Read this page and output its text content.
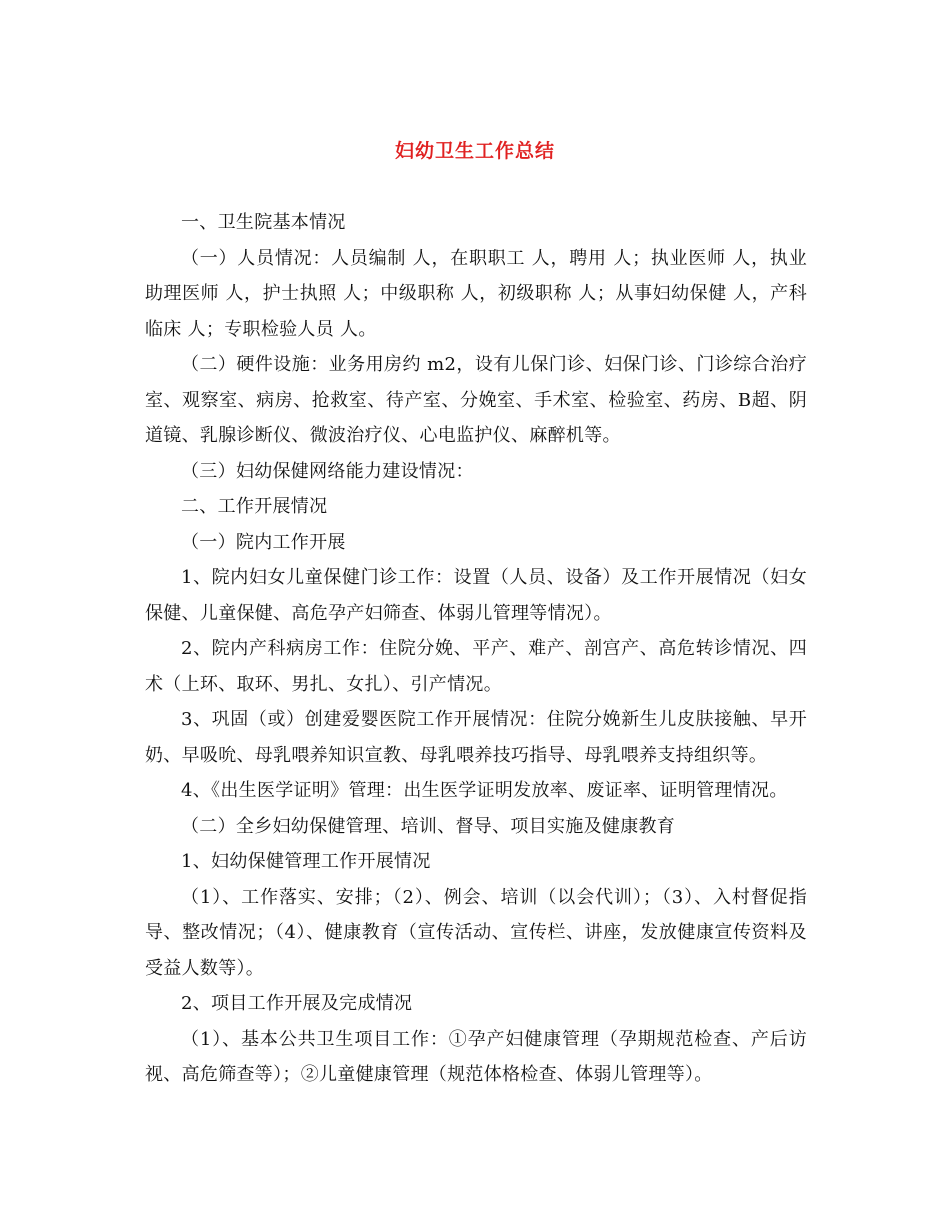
妇幼卫生工作总结

一、卫生院基本情况

（一）人员情况：人员编制 人，在职职工 人，聘用 人；执业医师 人，执业助理医师 人，护士执照 人；中级职称 人，初级职称 人；从事妇幼保健 人，产科临床 人；专职检验人员 人。

（二）硬件设施：业务用房约 m2，设有儿保门诊、妇保门诊、门诊综合治疗室、观察室、病房、抢救室、待产室、分娩室、手术室、检验室、药房、B超、阴道镜、乳腺诊断仪、微波治疗仪、心电监护仪、麻醉机等。

（三）妇幼保健网络能力建设情况：

二、工作开展情况

（一）院内工作开展

1、院内妇女儿童保健门诊工作：设置（人员、设备）及工作开展情况（妇女保健、儿童保健、高危孕产妇筛查、体弱儿管理等情况）。

2、院内产科病房工作：住院分娩、平产、难产、剖宫产、高危转诊情况、四术（上环、取环、男扎、女扎）、引产情况。

3、巩固（或）创建爱婴医院工作开展情况：住院分娩新生儿皮肤接触、早开奶、早吸吮、母乳喂养知识宣教、母乳喂养技巧指导、母乳喂养支持组织等。

4、《出生医学证明》管理：出生医学证明发放率、废证率、证明管理情况。

（二）全乡妇幼保健管理、培训、督导、项目实施及健康教育

1、妇幼保健管理工作开展情况

（1）、工作落实、安排；（2）、例会、培训（以会代训）；（3）、入村督促指导、整改情况；（4）、健康教育（宣传活动、宣传栏、讲座，发放健康宣传资料及受益人数等）。

2、项目工作开展及完成情况

（1）、基本公共卫生项目工作：①孕产妇健康管理（孕期规范检查、产后访视、高危筛查等）；②儿童健康管理（规范体格检查、体弱儿管理等）。
